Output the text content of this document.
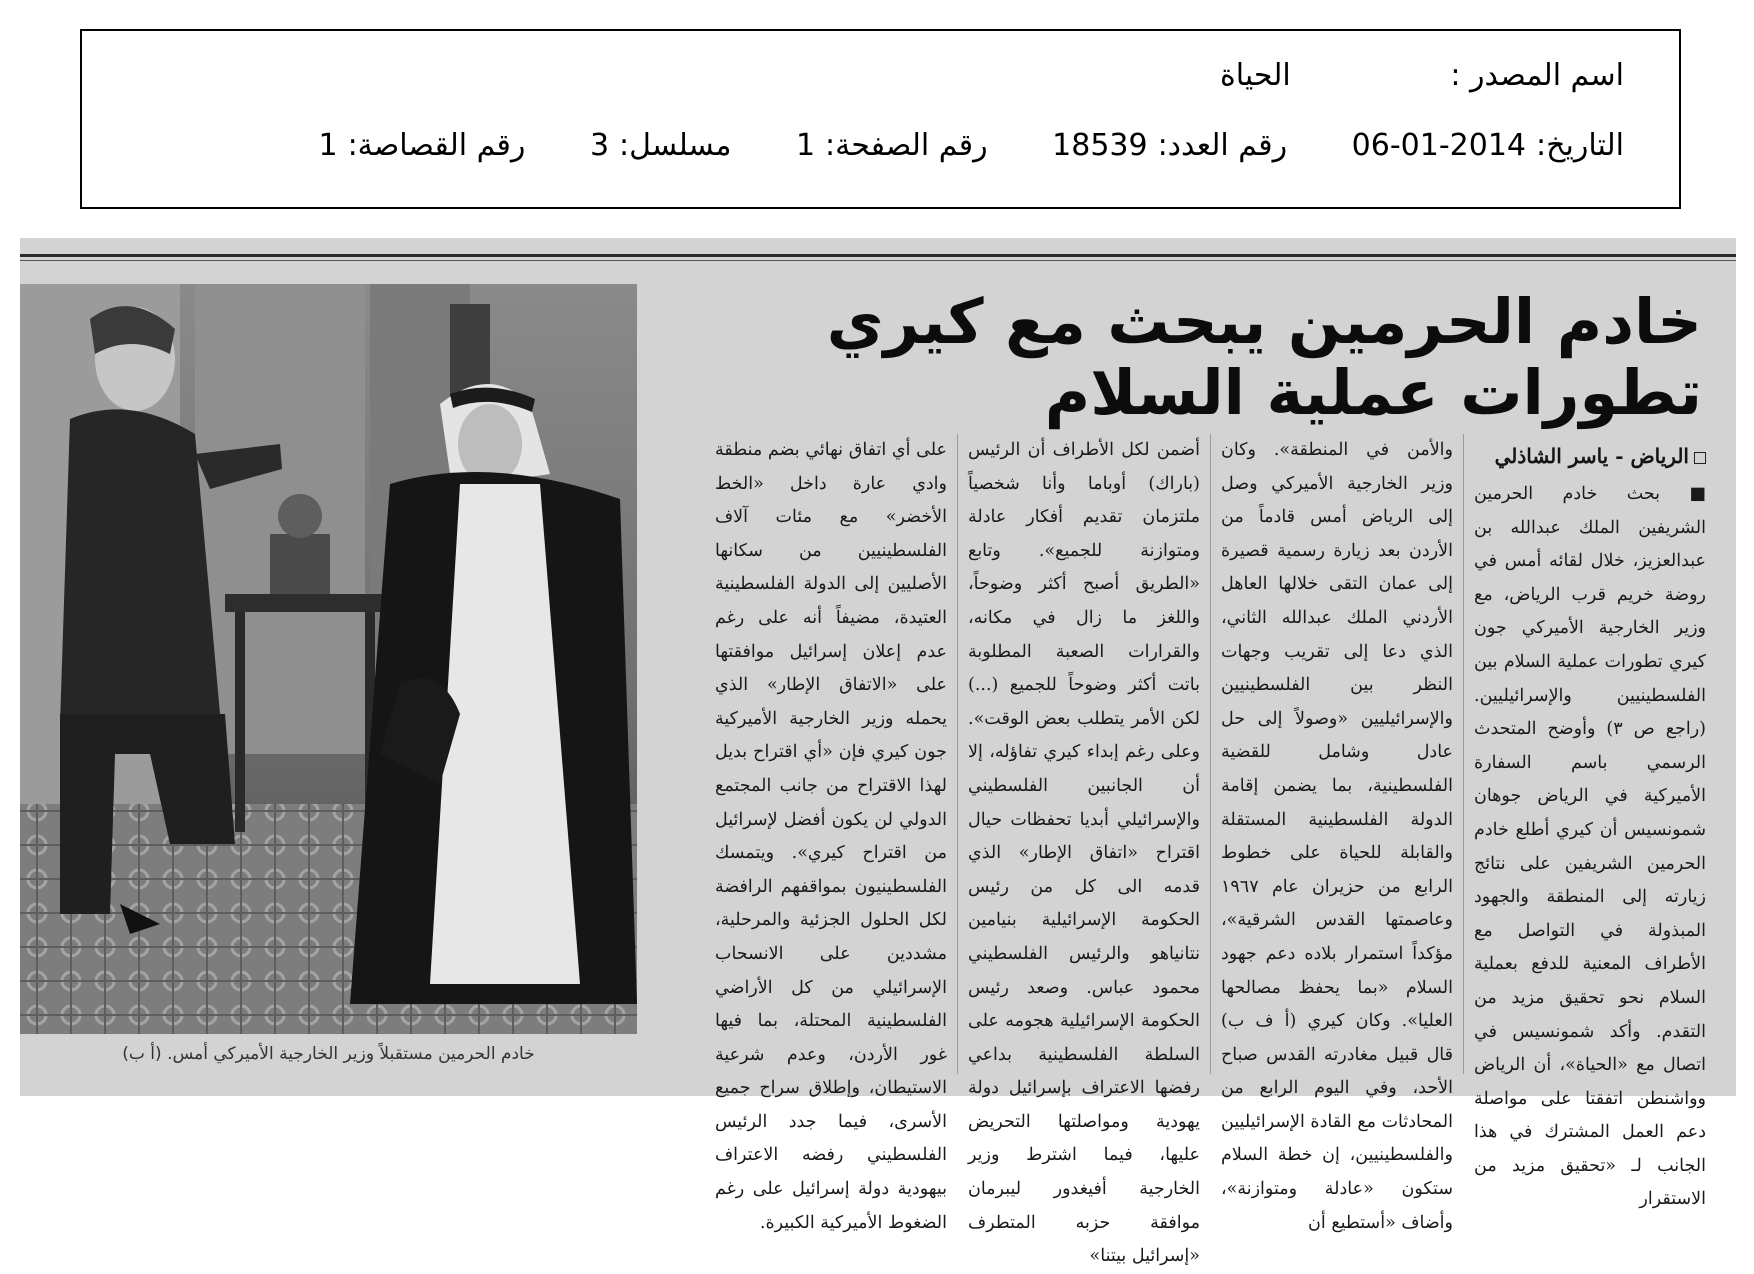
اسم المصدر : الحياة
التاريخ:2014-01-06 رقم العدد:18539 رقم الصفحة:1 مسلسل:3 رقم القصاصة:1
خادم الحرمين يبحث مع كيري تطورات عملية السلام
الرياض - ياسر الشاذلي

■ بحث خادم الحرمين الشريفين الملك عبدالله بن عبدالعزيز، خلال لقائه أمس في روضة خريم قرب الرياض، مع وزير الخارجية الأميركي جون كيري تطورات عملية السلام بين الفلسطينيين والإسرائيليين. (راجع ص ٣) وأوضح المتحدث الرسمي باسم السفارة الأميركية في الرياض جوهان شمونسيس أن كيري أطلع خادم الحرمين الشريفين على نتائج زيارته إلى المنطقة والجهود المبذولة في التواصل مع الأطراف المعنية للدفع بعملية السلام نحو تحقيق مزيد من التقدم. وأكد شمونسيس في اتصال مع «الحياة»، أن الرياض وواشنطن اتفقتا على مواصلة دعم العمل المشترك في هذا الجانب لـ «تحقيق مزيد من الاستقرار

والأمن في المنطقة». وكان وزير الخارجية الأميركي وصل إلى الرياض أمس قادماً من الأردن بعد زيارة رسمية قصيرة إلى عمان التقى خلالها العاهل الأردني الملك عبدالله الثاني، الذي دعا إلى تقريب وجهات النظر بين الفلسطينيين والإسرائيليين «وصولاً إلى حل عادل وشامل للقضية الفلسطينية، بما يضمن إقامة الدولة الفلسطينية المستقلة والقابلة للحياة على خطوط الرابع من حزيران عام ١٩٦٧ وعاصمتها القدس الشرقية»، مؤكداً استمرار بلاده دعم جهود السلام «بما يحفظ مصالحها العليا». وكان كيري (أ ف ب) قال قبيل مغادرته القدس صباح الأحد، وفي اليوم الرابع من المحادثات مع القادة الإسرائيليين والفلسطينيين، إن خطة السلام ستكون «عادلة ومتوازنة»، وأضاف «أستطيع أن

أضمن لكل الأطراف أن الرئيس (باراك) أوباما وأنا شخصياً ملتزمان تقديم أفكار عادلة ومتوازنة للجميع». وتابع «الطريق أصبح أكثر وضوحاً، واللغز ما زال في مكانه، والقرارات الصعبة المطلوبة باتت أكثر وضوحاً للجميع (...) لكن الأمر يتطلب بعض الوقت». وعلى رغم إبداء كيري تفاؤله، إلا أن الجانبين الفلسطيني والإسرائيلي أبديا تحفظات حيال اقتراح «اتفاق الإطار» الذي قدمه الى كل من رئيس الحكومة الإسرائيلية بنيامين نتانياهو والرئيس الفلسطيني محمود عباس. وصعد رئيس الحكومة الإسرائيلية هجومه على السلطة الفلسطينية بداعي رفضها الاعتراف بإسرائيل دولة يهودية ومواصلتها التحريض عليها، فيما اشترط وزير الخارجية أفيغدور ليبرمان موافقة حزبه المتطرف «إسرائيل بيتنا»

على أي اتفاق نهائي بضم منطقة وادي عارة داخل «الخط الأخضر» مع مئات آلاف الفلسطينيين من سكانها الأصليين إلى الدولة الفلسطينية العتيدة، مضيفاً أنه على رغم عدم إعلان إسرائيل موافقتها على «الاتفاق الإطار» الذي يحمله وزير الخارجية الأميركية جون كيري فإن «أي اقتراح بديل لهذا الاقتراح من جانب المجتمع الدولي لن يكون أفضل لإسرائيل من اقتراح كيري». ويتمسك الفلسطينيون بمواقفهم الرافضة لكل الحلول الجزئية والمرحلية، مشددين على الانسحاب الإسرائيلي من كل الأراضي الفلسطينية المحتلة، بما فيها غور الأردن، وعدم شرعية الاستيطان، وإطلاق سراح جميع الأسرى، فيما جدد الرئيس الفلسطيني رفضه الاعتراف بيهودية دولة إسرائيل على رغم الضغوط الأميركية الكبيرة.

خادم الحرمين مستقبلاً وزير الخارجية الأميركي أمس. (أ ب)
